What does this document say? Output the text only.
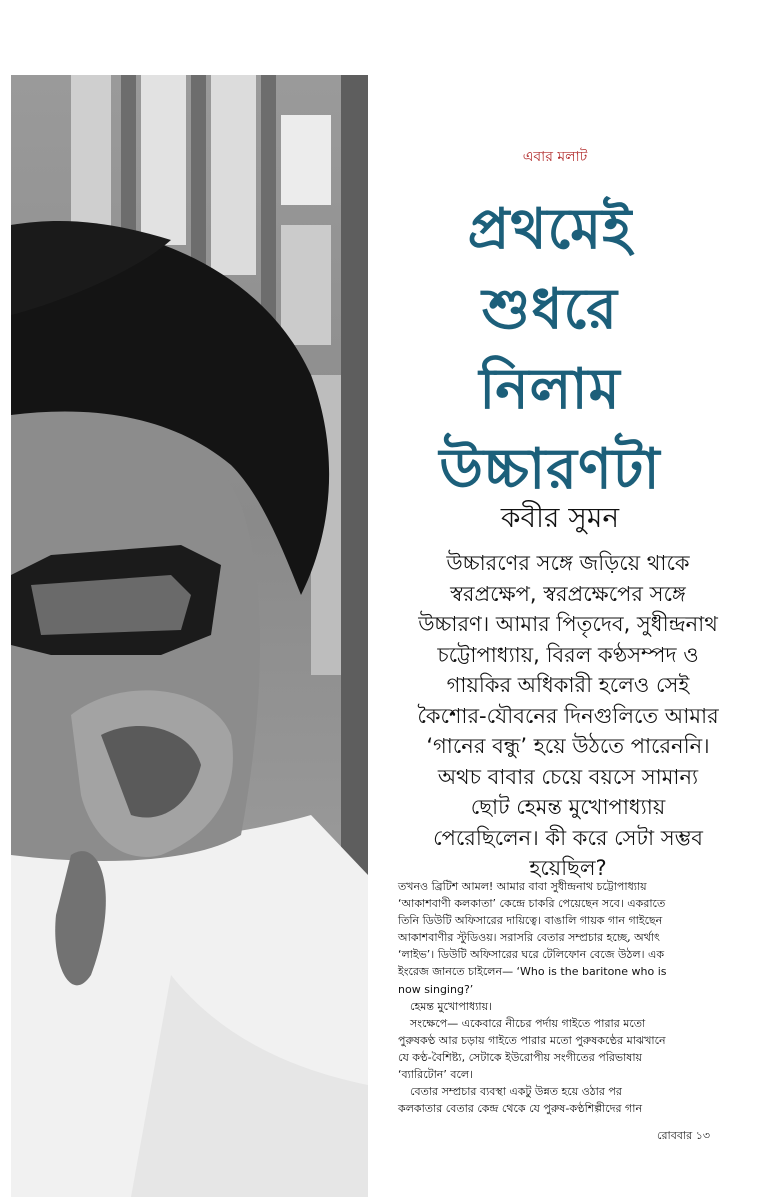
এবার মলাট
প্রথমেই
শুধরে
নিলাম
উচ্চারণটা
কবীর সুমন
উচ্চারণের সঙ্গে জড়িয়ে থাকে
স্বরপ্রক্ষেপ, স্বরপ্রক্ষেপের সঙ্গে
উচ্চারণ। আমার পিতৃদেব, সুধীন্দ্রনাথ
চট্টোপাধ্যায়, বিরল কণ্ঠসম্পদ ও
গায়কির অধিকারী হলেও সেই
কৈশোর-যৌবনের দিনগুলিতে আমার
‘গানের বন্ধু’ হয়ে উঠতে পারেননি।
অথচ বাবার চেয়ে বয়সে সামান্য
ছোট হেমন্ত মুখোপাধ্যায়
পেরেছিলেন। কী করে সেটা সম্ভব
হয়েছিল?
তখনও ব্রিটিশ আমল! আমার বাবা সুধীন্দ্রনাথ চট্টোপাধ্যায়
‘আকাশবাণী কলকাতা’ কেন্দ্রে চাকরি পেয়েছেন সবে। একরাতে
তিনি ডিউটি অফিসারের দায়িত্বে। বাঙালি গায়ক গান গাইছেন
আকাশবাণীর স্টুডিওয়। সরাসরি বেতার সম্প্রচার হচ্ছে, অর্থাৎ
‘লাইভ’। ডিউটি অফিসারের ঘরে টেলিফোন বেজে উঠল। এক
ইংরেজ জানতে চাইলেন— ‘Who is the baritone who is
now singing?’
হেমন্ত মুখোপাধ্যায়।
সংক্ষেপে— একেবারে নীচের পর্দায় গাইতে পারার মতো
পুরুষকণ্ঠ আর চড়ায় গাইতে পারার মতো পুরুষকণ্ঠের মাঝখানে
যে কণ্ঠ-বৈশিষ্ট্য, সেটাকে ইউরোপীয় সংগীতের পরিভাষায়
‘ব্যারিটোন’ বলে।
বেতার সম্প্রচার ব্যবস্থা একটু উন্নত হয়ে ওঠার পর
কলকাতার বেতার কেন্দ্র থেকে যে পুরুষ-কণ্ঠশিল্পীদের গান
রোববার ১৩
